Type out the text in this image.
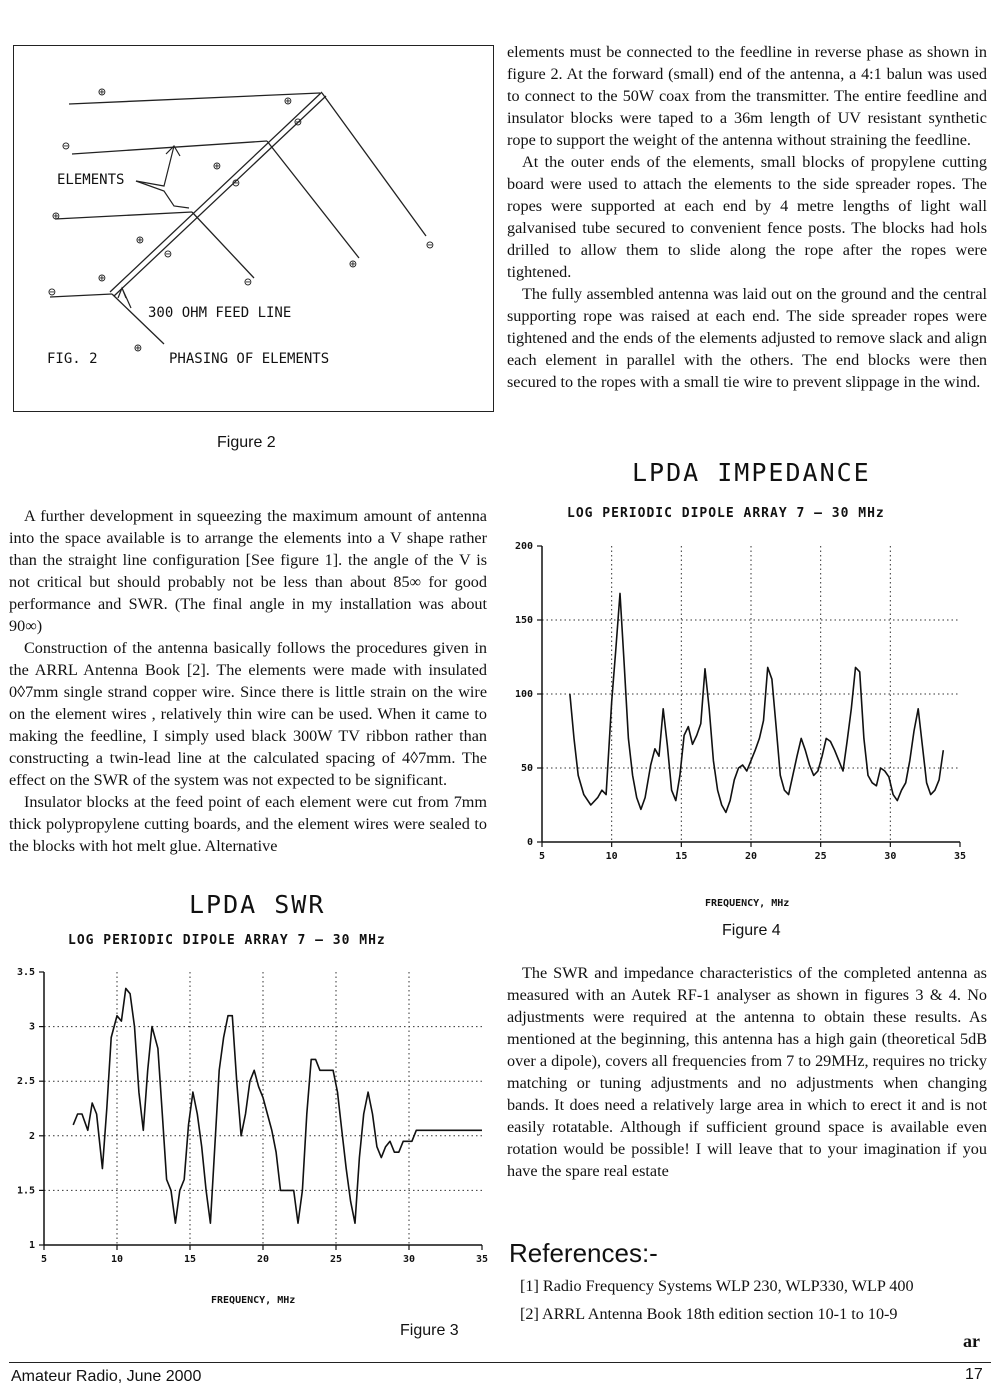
⊕
⊖
⊕
⊖
⊕
⊖
⊕
⊖
⊕
⊖
⊕
⊕
⊖
⊕
⊖
ELEMENTS
300 OHM FEED LINE
FIG. 2	PHASING OF ELEMENTS
Figure 2

elements must be connected to the feedline in reverse phase as shown in figure 2. At the forward (small) end of the antenna, a 4:1 balun was used to connect to the 50W coax from the transmitter. The entire feedline and insulator blocks were taped to a 36m length of UV resistant synthetic rope to support the weight of the antenna without straining the feedline.

At the outer ends of the elements, small blocks of propylene cutting board were used to attach the elements to the side spreader ropes. The ropes were supported at each end by 4 metre lengths of light wall galvanised tube secured to convenient fence posts. The blocks had hols drilled to allow them to slide along the rope after the ropes were tightened.

The fully assembled antenna was laid out on the ground and the central supporting rope was raised at each end. The side spreader ropes were tightened and the ends of the elements adjusted to remove slack and align each element in parallel with the others. The end blocks were then secured to the ropes with a small tie wire to prevent slippage in the wind.

A further development in squeezing the maximum amount of antenna into the space available is to arrange the elements into a V shape rather than the straight line configuration [See figure 1]. the angle of the V is not critical but should probably not be less than about 85∞ for good performance and SWR. (The final angle in my installation was about 90∞)

Construction of the antenna basically follows the procedures given in the ARRL Antenna Book [2]. The elements were made with insulated 0◊7mm single strand copper wire. Since there is little strain on the wire on the element wires , relatively thin wire can be used. When it came to making the feedline, I simply used black 300W TV ribbon rather than constructing a twin-lead line at the calculated spacing of 4◊7mm. The effect on the SWR of the system was not expected to be significant.

Insulator blocks at the feed point of each element were cut from 7mm thick polypropylene cutting boards, and the element wires were sealed to the blocks with hot melt glue. Alternative

LPDA IMPEDANCE
LOG PERIODIC DIPOLE ARRAY 7 – 30 MHz
0
50
100
150
200
5	10	15	20	25	30	35
FREQUENCY, MHz
Figure 4

The SWR and impedance characteristics of the completed antenna as measured with an Autek RF-1 analyser as shown in figures 3 & 4. No adjustments were required at the antenna to obtain these results. As mentioned at the beginning, this antenna has a high gain (theoretical 5dB over a dipole), covers all frequencies from 7 to 29MHz, requires no tricky matching or tuning adjustments and no adjustments when changing bands. It does need a relatively large area in which to erect it and is not easily rotatable. Although if sufficient ground space is available even rotation would be possible! I will leave that to your imagination if you have the spare real estate

LPDA SWR
LOG PERIODIC DIPOLE ARRAY 7 – 30 MHz
1
1.5
2
2.5
3
3.5
5	10	15	20	25	30	35
FREQUENCY, MHz
Figure 3
References:-
[1] Radio Frequency Systems WLP 230, WLP330, WLP 400
[2] ARRL Antenna Book 18th edition section 10-1 to 10-9
ar
Amateur Radio, June 2000	17
